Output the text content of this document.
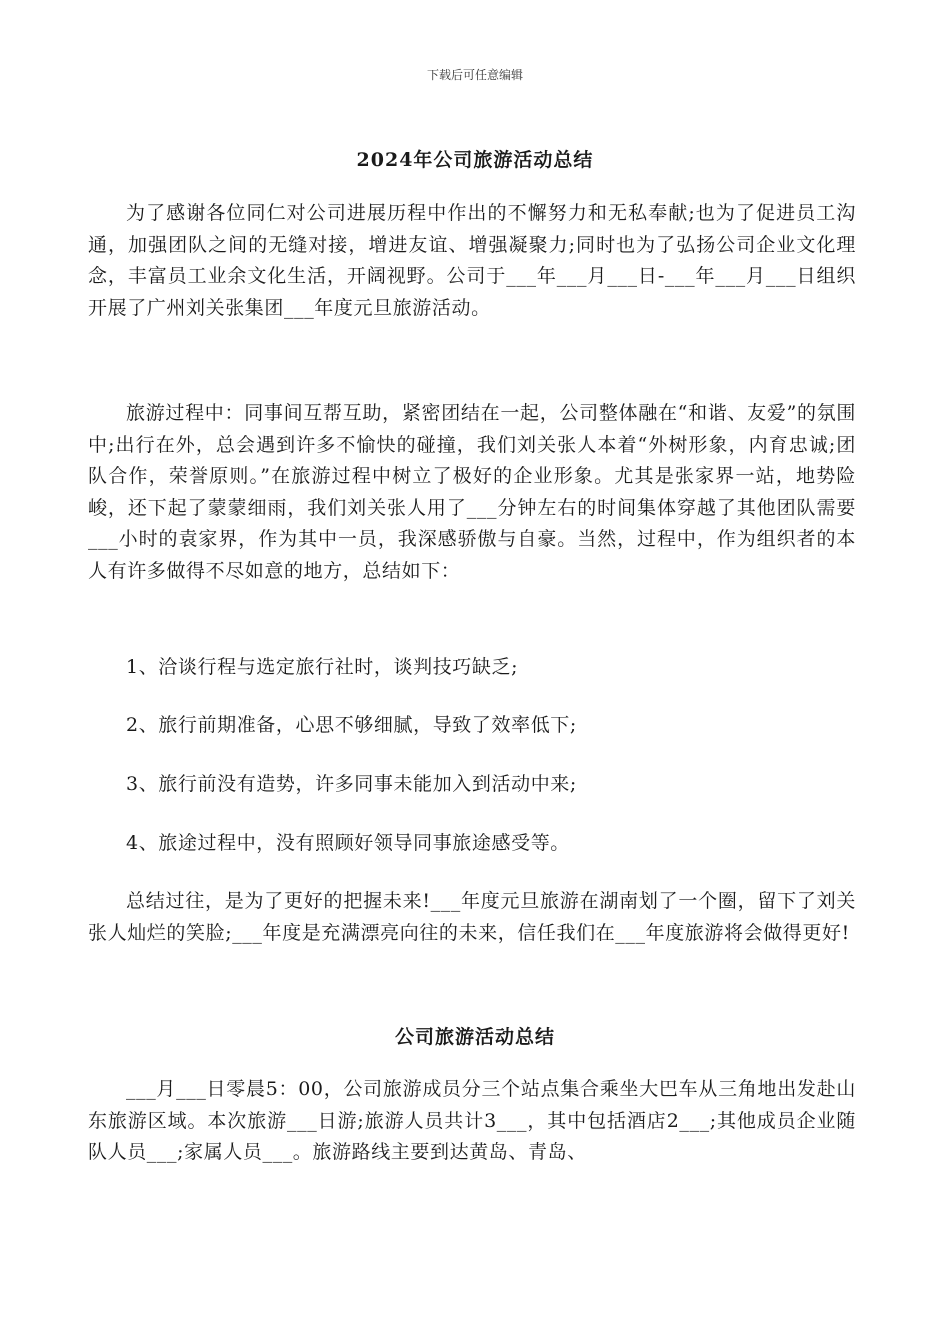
下载后可任意编辑
2024年公司旅游活动总结

为了感谢各位同仁对公司进展历程中作出的不懈努力和无私奉献;也为了促进员工沟通，加强团队之间的无缝对接，增进友谊、增强凝聚力;同时也为了弘扬公司企业文化理念，丰富员工业余文化生活，开阔视野。公司于___年___月___日-___年___月___日组织开展了广州刘关张集团___年度元旦旅游活动。

旅游过程中：同事间互帮互助，紧密团结在一起，公司整体融在“和谐、友爱”的氛围中;出行在外，总会遇到许多不愉快的碰撞，我们刘关张人本着“外树形象，内育忠诚;团队合作，荣誉原则。”在旅游过程中树立了极好的企业形象。尤其是张家界一站，地势险峻，还下起了蒙蒙细雨，我们刘关张人用了___分钟左右的时间集体穿越了其他团队需要___小时的袁家界，作为其中一员，我深感骄傲与自豪。当然，过程中，作为组织者的本人有许多做得不尽如意的地方，总结如下：

1、洽谈行程与选定旅行社时，谈判技巧缺乏;

2、旅行前期准备，心思不够细腻，导致了效率低下;

3、旅行前没有造势，许多同事未能加入到活动中来;

4、旅途过程中，没有照顾好领导同事旅途感受等。

总结过往，是为了更好的把握未来!___年度元旦旅游在湖南划了一个圈，留下了刘关张人灿烂的笑脸;___年度是充满漂亮向往的未来，信任我们在___年度旅游将会做得更好!

公司旅游活动总结

___月___日零晨5：00，公司旅游成员分三个站点集合乘坐大巴车从三角地出发赴山东旅游区域。本次旅游___日游;旅游人员共计3___，其中包括酒店2___;其他成员企业随队人员___;家属人员___。旅游路线主要到达黄岛、青岛、
